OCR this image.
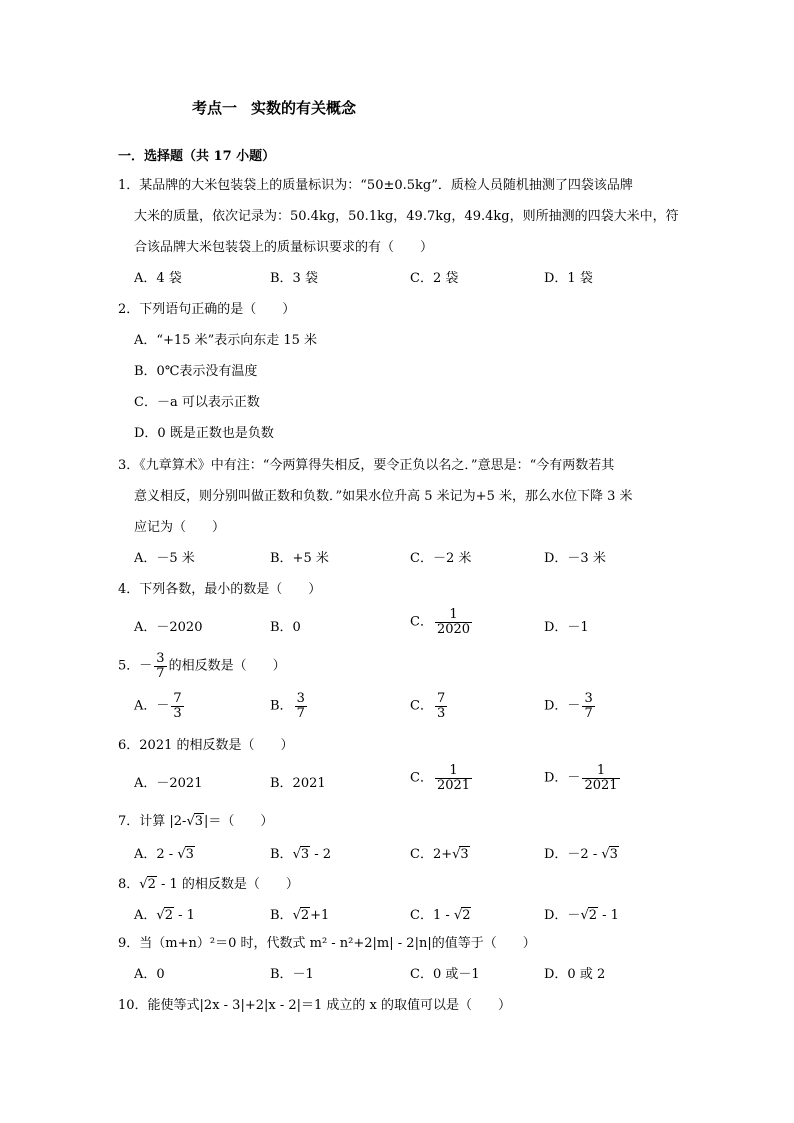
考点一 实数的有关概念
一．选择题（共 17 小题）
1．某品牌的大米包装袋上的质量标识为：“50±0.5kg”．质检人员随机抽测了四袋该品牌
大米的质量，依次记录为：50.4kg，50.1kg，49.7kg，49.4kg，则所抽测的四袋大米中，符
合该品牌大米包装袋上的质量标识要求的有（　　）
A．4 袋	B．3 袋	C．2 袋	D．1 袋
2．下列语句正确的是（　　）
A．“+15 米”表示向东走 15 米
B．0℃表示没有温度
C．－a 可以表示正数
D．0 既是正数也是负数
3．《九章算术》中有注：“今两算得失相反，要令正负以名之．”意思是：“今有两数若其
意义相反，则分别叫做正数和负数．”如果水位升高 5 米记为+5 米，那么水位下降 3 米
应记为（　　）
A．－5 米	B．+5 米	C．－2 米	D．－3 米
4．下列各数，最小的数是（　　）
A．－2020	B．0	C． $\frac{1}{2020}$	D．－1
5．－ $\frac{3}{7}$ 的相反数是（　　）
A．－ $\frac{7}{3}$	B． $\frac{3}{7}$	C． $\frac{7}{3}$	D．－ $\frac{3}{7}$
6．2021 的相反数是（　　）
A．－2021	B．2021	C． $\frac{1}{2021}$	D．－ $\frac{1}{2021}$
7．计算 |2-√3|＝（　　）
A．2 - √3	B．√3 - 2	C．2+√3	D．－2 - √3
8．√2 - 1 的相反数是（　　）
A．√2 - 1	B．√2+1	C．1 - √2	D．－√2 - 1
9．当（m+n）²＝0 时，代数式 m² - n²+2|m| - 2|n|的值等于（　　）
A．0	B．－1	C．0 或－1	D．0 或 2
10．能使等式|2x - 3|+2|x - 2|＝1 成立的 x 的取值可以是（　　）
